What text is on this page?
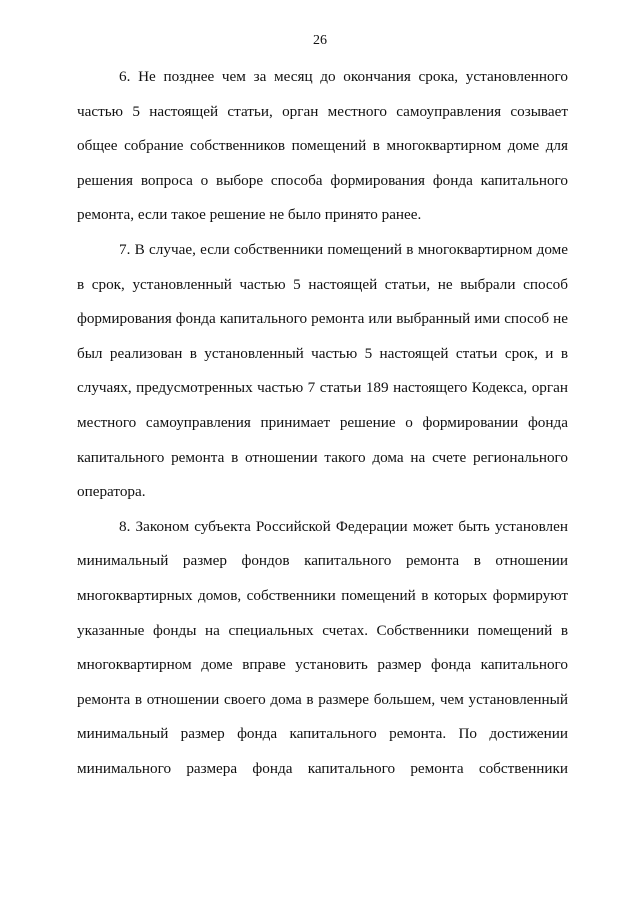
26
6. Не позднее чем за месяц до окончания срока, установленного
частью 5 настоящей статьи, орган местного самоуправления созывает
общее собрание собственников помещений в многоквартирном доме для
решения вопроса о выборе способа формирования фонда капитального
ремонта, если такое решение не было принято ранее.
7. В случае, если собственники помещений в многоквартирном доме
в срок, установленный частью 5 настоящей статьи, не выбрали способ
формирования фонда капитального ремонта или выбранный ими способ не
был реализован в установленный частью 5 настоящей статьи срок, и в
случаях, предусмотренных частью 7 статьи 189 настоящего Кодекса, орган
местного самоуправления принимает решение о формировании фонда
капитального ремонта в отношении такого дома на счете регионального
оператора.
8. Законом субъекта Российской Федерации может быть установлен
минимальный размер фондов капитального ремонта в отношении
многоквартирных домов, собственники помещений в которых формируют
указанные фонды на специальных счетах. Собственники помещений в
многоквартирном доме вправе установить размер фонда капитального
ремонта в отношении своего дома в размере большем, чем установленный
минимальный размер фонда капитального ремонта. По достижении
минимального размера фонда капитального ремонта собственники
